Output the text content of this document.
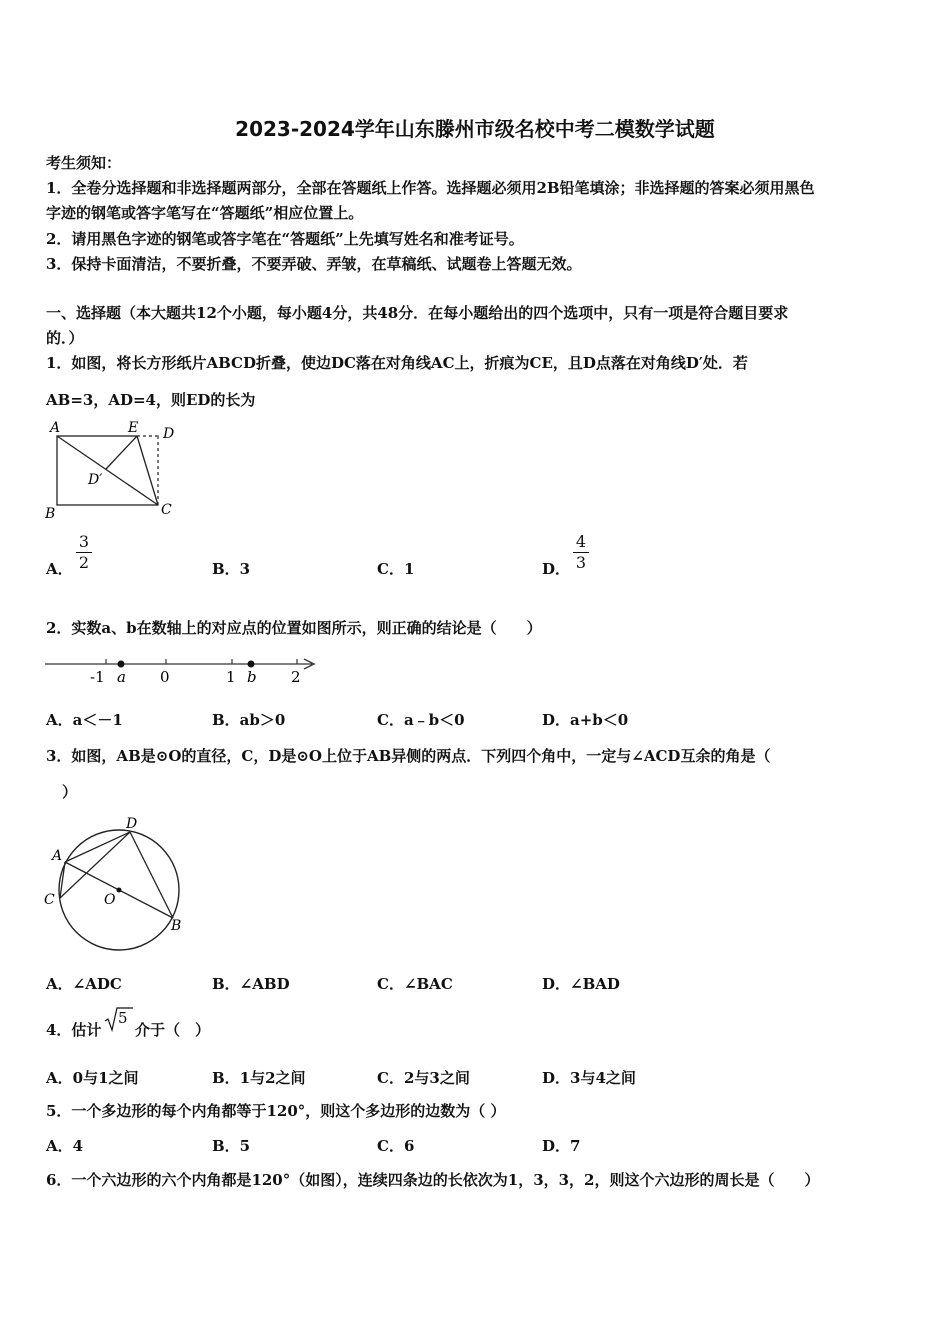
2023-2024学年山东滕州市级名校中考二模数学试题
考生须知：
1．全卷分选择题和非选择题两部分，全部在答题纸上作答。选择题必须用2B铅笔填涂；非选择题的答案必须用黑色
字迹的钢笔或答字笔写在“答题纸”相应位置上。
2．请用黑色字迹的钢笔或答字笔在“答题纸”上先填写姓名和准考证号。
3．保持卡面清洁，不要折叠，不要弄破、弄皱，在草稿纸、试题卷上答题无效。
一、选择题（本大题共12个小题，每小题4分，共48分．在每小题给出的四个选项中，只有一项是符合题目要求
的．）
1．如图，将长方形纸片ABCD折叠，使边DC落在对角线AC上，折痕为CE，且D点落在对角线D′处．若
AB=3，AD=4，则ED的长为
A	E D
D′
B	C
A． $\frac{3}{2}$	B．3	C．1	D． $\frac{4}{3}$
2．实数a、b在数轴上的对应点的位置如图所示，则正确的结论是（　　）
-1 a 0	1 b 2
A．a＜－1	B．ab＞0	C．a﹣b＜0	D．a+b＜0
3．如图，AB是⊙O的直径，C，D是⊙O上位于AB异侧的两点．下列四个角中，一定与∠ACD互余的角是（
）
A
D
C	O
B
A．∠ADC	B．∠ABD	C．∠BAC	D．∠BAD
4．估计
5
介于（　）
A．0与1之间	B．1与2之间	C．2与3之间	D．3与4之间
5．一个多边形的每个内角都等于120°，则这个多边形的边数为（ ）
A．4	B．5	C．6	D．7
6．一个六边形的六个内角都是120°（如图），连续四条边的长依次为1，3，3，2，则这个六边形的周长是（　　）
